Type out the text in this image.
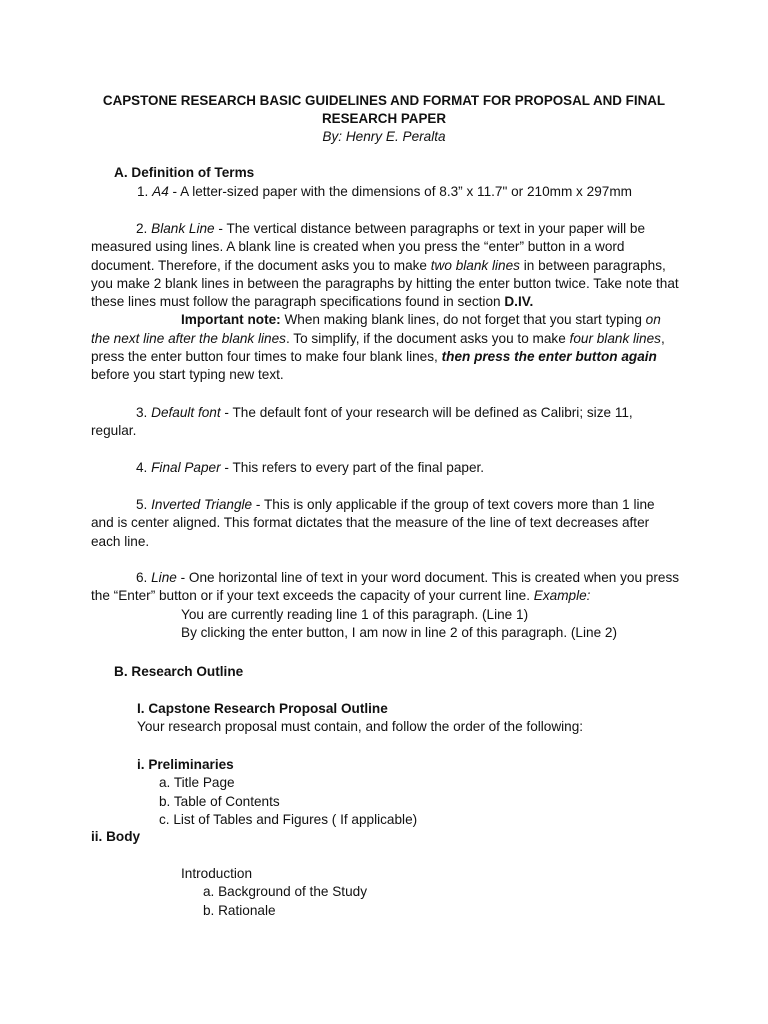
CAPSTONE RESEARCH BASIC GUIDELINES AND FORMAT FOR PROPOSAL AND FINAL
RESEARCH PAPER
By: Henry E. Peralta
A. Definition of Terms
1. A4 - A letter-sized paper with the dimensions of 8.3” x 11.7" or 210mm x 297mm

2. Blank Line - The vertical distance between paragraphs or text in your paper will be measured using lines. A blank line is created when you press the “enter” button in a word document. Therefore, if the document asks you to make two blank lines in between paragraphs, you make 2 blank lines in between the paragraphs by hitting the enter button twice. Take note that these lines must follow the paragraph specifications found in section D.IV.
Important note: When making blank lines, do not forget that you start typing on the next line after the blank lines. To simplify, if the document asks you to make four blank lines, press the enter button four times to make four blank lines, then press the enter button again before you start typing new text.

3. Default font - The default font of your research will be defined as Calibri; size 11, regular.

4. Final Paper - This refers to every part of the final paper.

5. Inverted Triangle - This is only applicable if the group of text covers more than 1 line and is center aligned. This format dictates that the measure of the line of text decreases after each line.

6. Line - One horizontal line of text in your word document. This is created when you press the “Enter” button or if your text exceeds the capacity of your current line. Example:

You are currently reading line 1 of this paragraph. (Line 1)
By clicking the enter button, I am now in line 2 of this paragraph. (Line 2)
B. Research Outline
I. Capstone Research Proposal Outline
Your research proposal must contain, and follow the order of the following:
i. Preliminaries
a. Title Page
b. Table of Contents
c. List of Tables and Figures ( If applicable)
ii. Body
Introduction
a. Background of the Study
b. Rationale
